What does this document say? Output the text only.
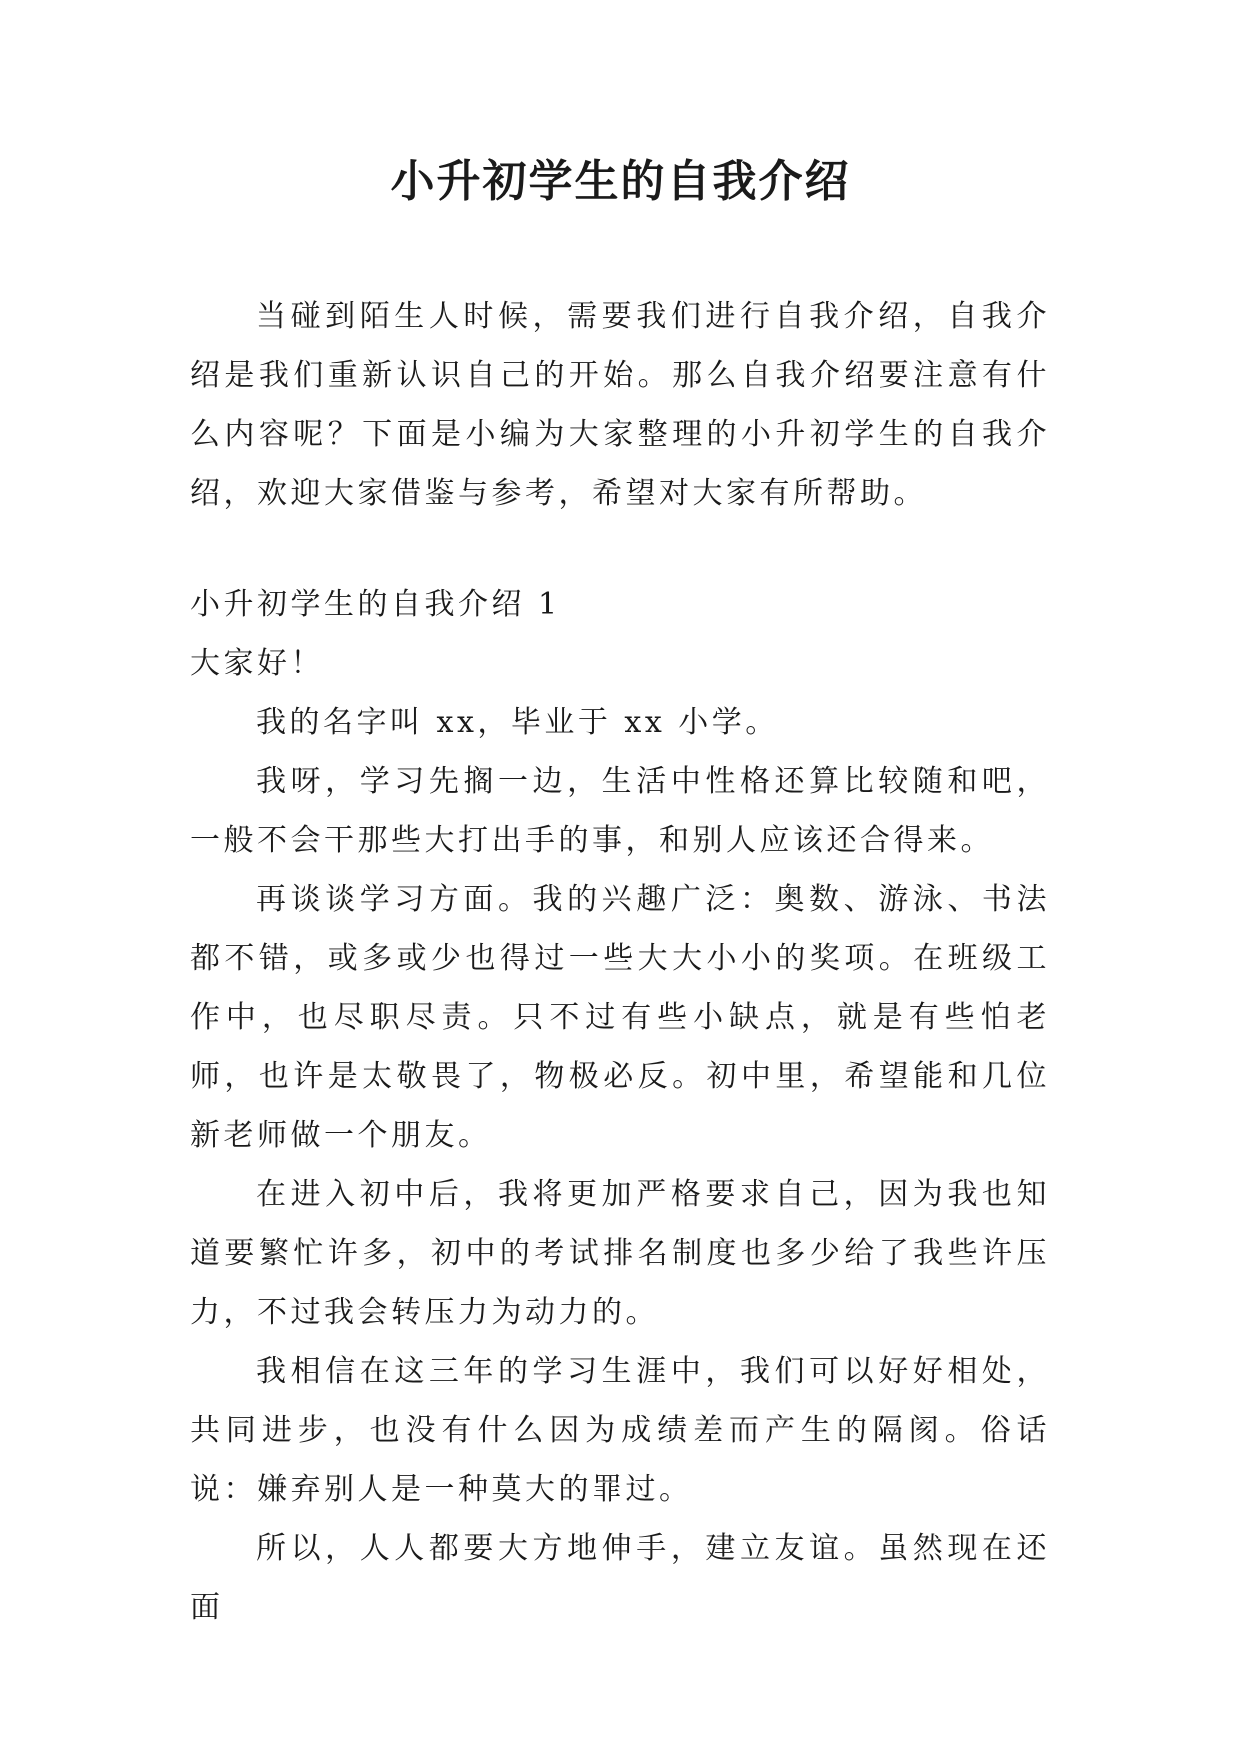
小升初学生的自我介绍

当碰到陌生人时候，需要我们进行自我介绍，自我介绍是我们重新认识自己的开始。那么自我介绍要注意有什么内容呢？下面是小编为大家整理的小升初学生的自我介绍，欢迎大家借鉴与参考，希望对大家有所帮助。

小升初学生的自我介绍 1

大家好！

我的名字叫 xx，毕业于 xx 小学。

我呀，学习先搁一边，生活中性格还算比较随和吧，一般不会干那些大打出手的事，和别人应该还合得来。

再谈谈学习方面。我的兴趣广泛：奥数、游泳、书法都不错，或多或少也得过一些大大小小的奖项。在班级工作中，也尽职尽责。只不过有些小缺点，就是有些怕老师，也许是太敬畏了，物极必反。初中里，希望能和几位新老师做一个朋友。

在进入初中后，我将更加严格要求自己，因为我也知道要繁忙许多，初中的考试排名制度也多少给了我些许压力，不过我会转压力为动力的。

我相信在这三年的学习生涯中，我们可以好好相处，共同进步，也没有什么因为成绩差而产生的隔阂。俗话说：嫌弃别人是一种莫大的罪过。

所以，人人都要大方地伸手，建立友谊。虽然现在还面
